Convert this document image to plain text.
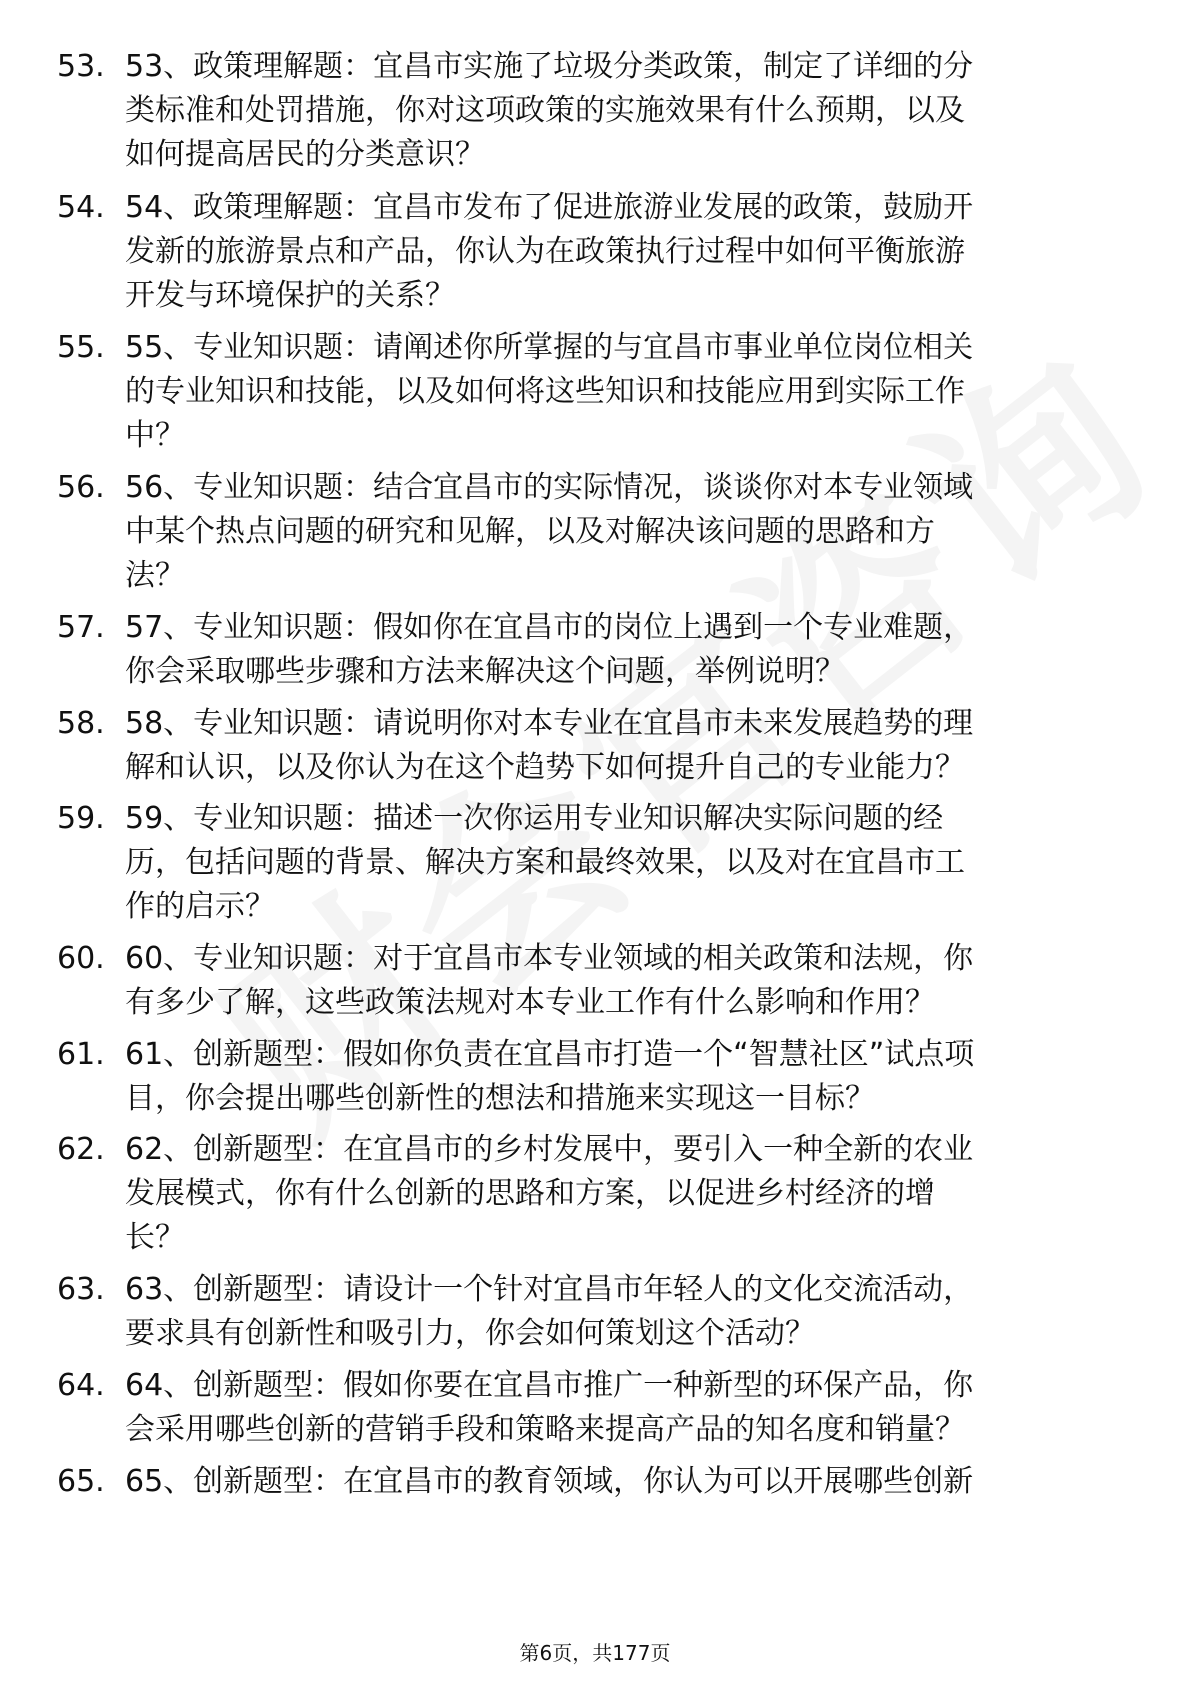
53. 53、政策理解题：宜昌市实施了垃圾分类政策，制定了详细的分
类标准和处罚措施，你对这项政策的实施效果有什么预期，以及
如何提高居民的分类意识？
54. 54、政策理解题：宜昌市发布了促进旅游业发展的政策，鼓励开
发新的旅游景点和产品，你认为在政策执行过程中如何平衡旅游
开发与环境保护的关系？
55. 55、专业知识题：请阐述你所掌握的与宜昌市事业单位岗位相关
的专业知识和技能，以及如何将这些知识和技能应用到实际工作
中？
56. 56、专业知识题：结合宜昌市的实际情况，谈谈你对本专业领域
中某个热点问题的研究和见解，以及对解决该问题的思路和方
法？
57. 57、专业知识题：假如你在宜昌市的岗位上遇到一个专业难题，
你会采取哪些步骤和方法来解决这个问题，举例说明？
58. 58、专业知识题：请说明你对本专业在宜昌市未来发展趋势的理
解和认识，以及你认为在这个趋势下如何提升自己的专业能力？
59. 59、专业知识题：描述一次你运用专业知识解决实际问题的经
历，包括问题的背景、解决方案和最终效果，以及对在宜昌市工
作的启示？
60. 60、专业知识题：对于宜昌市本专业领域的相关政策和法规，你
有多少了解，这些政策法规对本专业工作有什么影响和作用？
61. 61、创新题型：假如你负责在宜昌市打造一个“智慧社区”试点项
目，你会提出哪些创新性的想法和措施来实现这一目标？
62. 62、创新题型：在宜昌市的乡村发展中，要引入一种全新的农业
发展模式，你有什么创新的思路和方案，以促进乡村经济的增
长？
63. 63、创新题型：请设计一个针对宜昌市年轻人的文化交流活动，
要求具有创新性和吸引力，你会如何策划这个活动？
64. 64、创新题型：假如你要在宜昌市推广一种新型的环保产品，你
会采用哪些创新的营销手段和策略来提高产品的知名度和销量？
65. 65、创新题型：在宜昌市的教育领域，你认为可以开展哪些创新
第6页，共177页
